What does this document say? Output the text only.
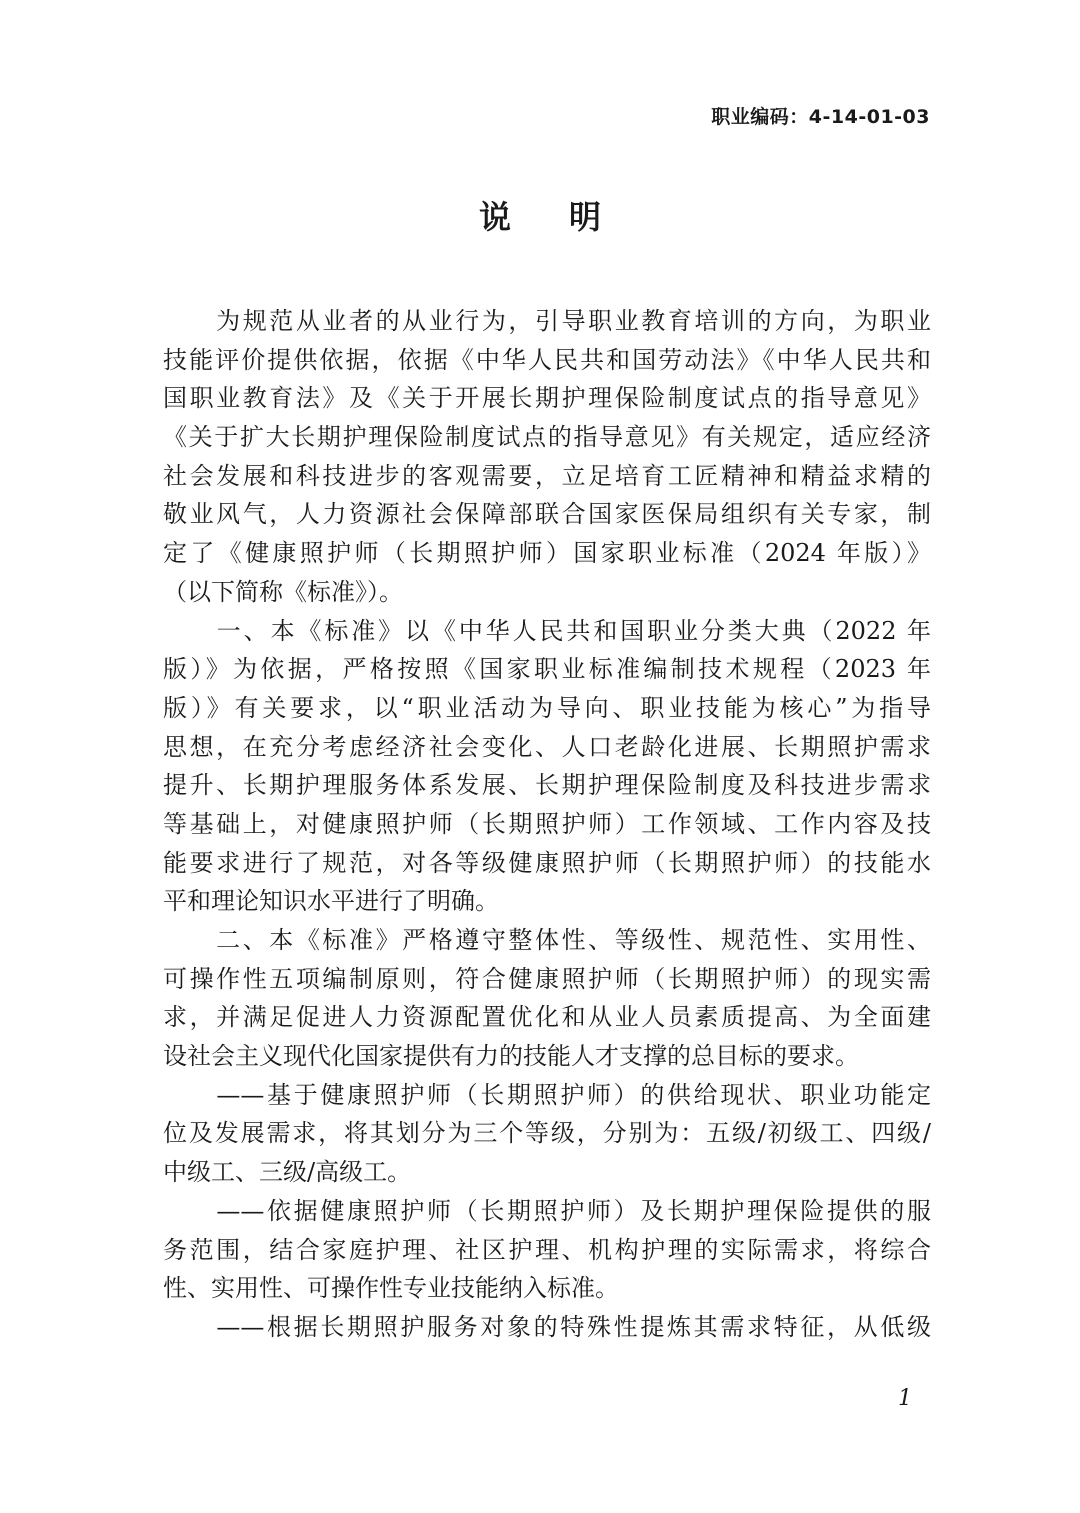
职业编码：4-14-01-03
说明
　　为规范从业者的从业行为，引导职业教育培训的方向，为职业
技能评价提供依据，依据《中华人民共和国劳动法》《中华人民共和
国职业教育法》及《关于开展长期护理保险制度试点的指导意见》
《关于扩大长期护理保险制度试点的指导意见》有关规定，适应经济
社会发展和科技进步的客观需要，立足培育工匠精神和精益求精的
敬业风气，人力资源社会保障部联合国家医保局组织有关专家，制
定了《健康照护师（长期照护师）国家职业标准（2024 年版）》
（以下简称《标准》）。
　　一、本《标准》以《中华人民共和国职业分类大典（2022 年
版）》为依据，严格按照《国家职业标准编制技术规程（2023 年
版）》有关要求，以“职业活动为导向、职业技能为核心”为指导
思想，在充分考虑经济社会变化、人口老龄化进展、长期照护需求
提升、长期护理服务体系发展、长期护理保险制度及科技进步需求
等基础上，对健康照护师（长期照护师）工作领域、工作内容及技
能要求进行了规范，对各等级健康照护师（长期照护师）的技能水
平和理论知识水平进行了明确。
　　二、本《标准》严格遵守整体性、等级性、规范性、实用性、
可操作性五项编制原则，符合健康照护师（长期照护师）的现实需
求，并满足促进人力资源配置优化和从业人员素质提高、为全面建
设社会主义现代化国家提供有力的技能人才支撑的总目标的要求。
　　——基于健康照护师（长期照护师）的供给现状、职业功能定
位及发展需求，将其划分为三个等级，分别为：五级/初级工、四级/
中级工、三级/高级工。
　　——依据健康照护师（长期照护师）及长期护理保险提供的服
务范围，结合家庭护理、社区护理、机构护理的实际需求，将综合
性、实用性、可操作性专业技能纳入标准。
　　——根据长期照护服务对象的特殊性提炼其需求特征，从低级
1
